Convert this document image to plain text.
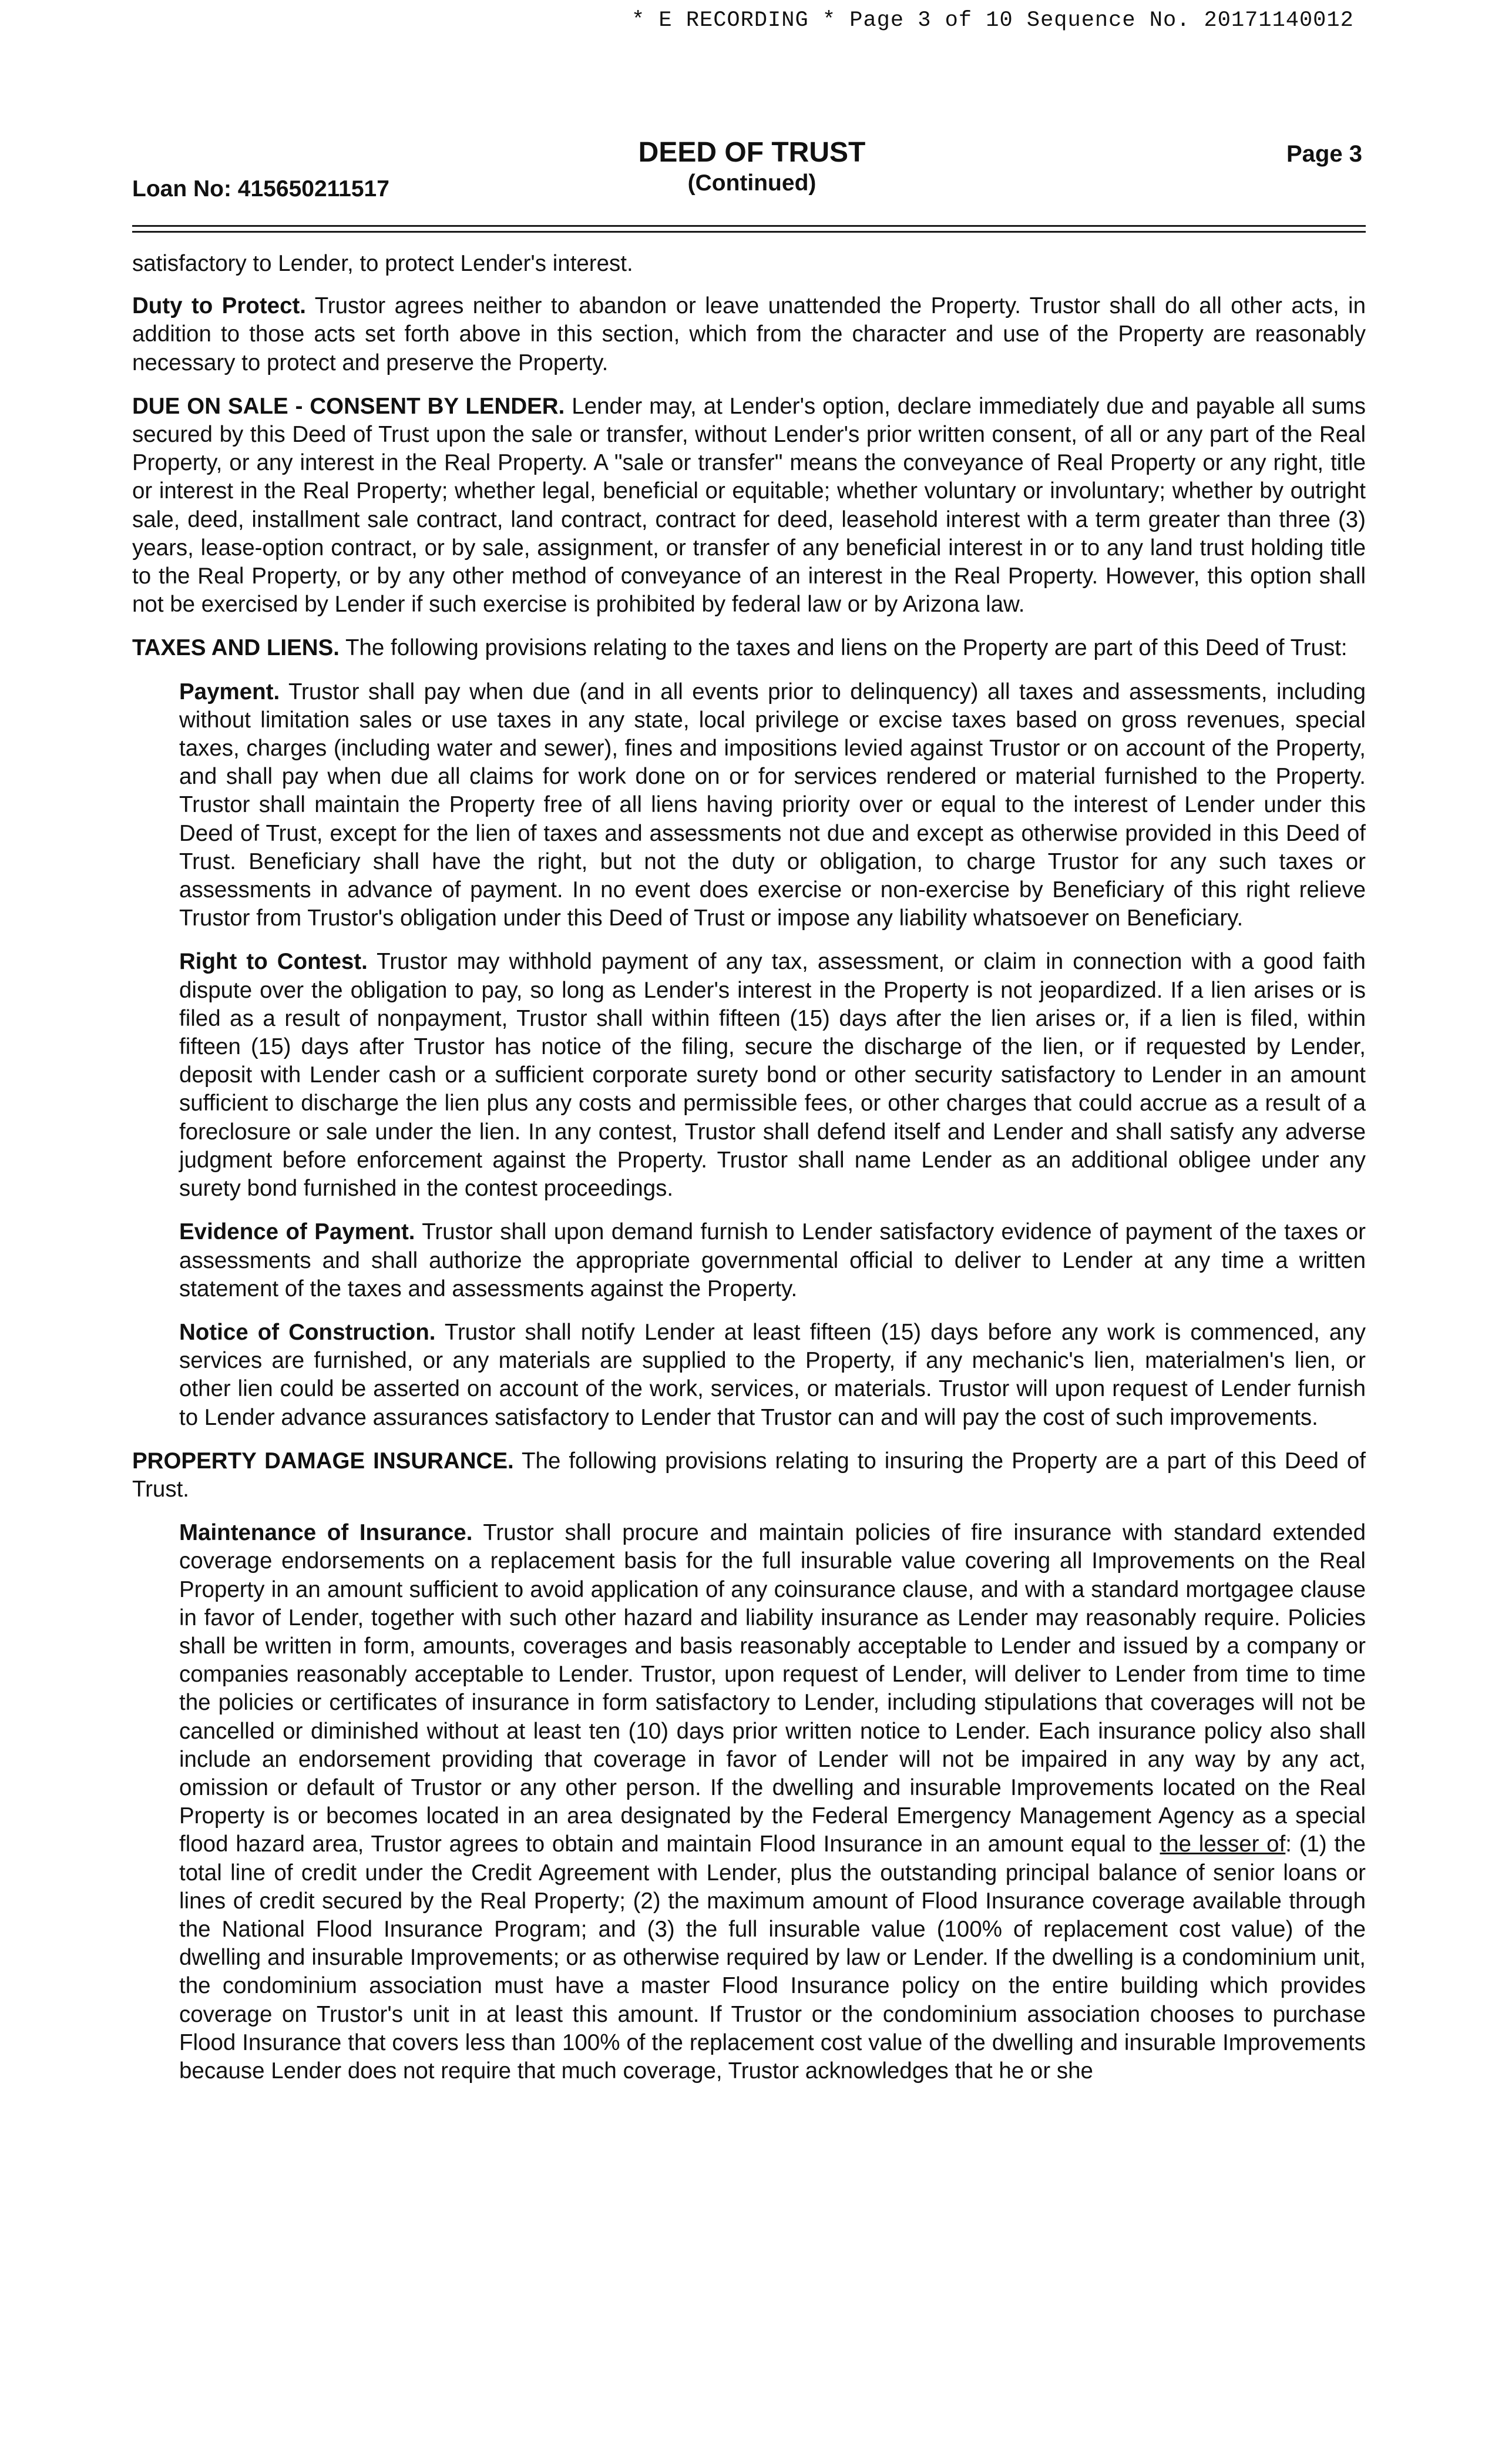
* E RECORDING * Page 3 of 10 Sequence No. 20171140012
Loan No: 415650211517
DEED OF TRUST
(Continued)
Page 3

satisfactory to Lender, to protect Lender's interest.

Duty to Protect. Trustor agrees neither to abandon or leave unattended the Property. Trustor shall do all other acts, in addition to those acts set forth above in this section, which from the character and use of the Property are reasonably necessary to protect and preserve the Property.

DUE ON SALE - CONSENT BY LENDER. Lender may, at Lender's option, declare immediately due and payable all sums secured by this Deed of Trust upon the sale or transfer, without Lender's prior written consent, of all or any part of the Real Property, or any interest in the Real Property. A "sale or transfer" means the conveyance of Real Property or any right, title or interest in the Real Property; whether legal, beneficial or equitable; whether voluntary or involuntary; whether by outright sale, deed, installment sale contract, land contract, contract for deed, leasehold interest with a term greater than three (3) years, lease-option contract, or by sale, assignment, or transfer of any beneficial interest in or to any land trust holding title to the Real Property, or by any other method of conveyance of an interest in the Real Property. However, this option shall not be exercised by Lender if such exercise is prohibited by federal law or by Arizona law.

TAXES AND LIENS. The following provisions relating to the taxes and liens on the Property are part of this Deed of Trust:

Payment. Trustor shall pay when due (and in all events prior to delinquency) all taxes and assessments, including without limitation sales or use taxes in any state, local privilege or excise taxes based on gross revenues, special taxes, charges (including water and sewer), fines and impositions levied against Trustor or on account of the Property, and shall pay when due all claims for work done on or for services rendered or material furnished to the Property. Trustor shall maintain the Property free of all liens having priority over or equal to the interest of Lender under this Deed of Trust, except for the lien of taxes and assessments not due and except as otherwise provided in this Deed of Trust. Beneficiary shall have the right, but not the duty or obligation, to charge Trustor for any such taxes or assessments in advance of payment. In no event does exercise or non-exercise by Beneficiary of this right relieve Trustor from Trustor's obligation under this Deed of Trust or impose any liability whatsoever on Beneficiary.

Right to Contest. Trustor may withhold payment of any tax, assessment, or claim in connection with a good faith dispute over the obligation to pay, so long as Lender's interest in the Property is not jeopardized. If a lien arises or is filed as a result of nonpayment, Trustor shall within fifteen (15) days after the lien arises or, if a lien is filed, within fifteen (15) days after Trustor has notice of the filing, secure the discharge of the lien, or if requested by Lender, deposit with Lender cash or a sufficient corporate surety bond or other security satisfactory to Lender in an amount sufficient to discharge the lien plus any costs and permissible fees, or other charges that could accrue as a result of a foreclosure or sale under the lien. In any contest, Trustor shall defend itself and Lender and shall satisfy any adverse judgment before enforcement against the Property. Trustor shall name Lender as an additional obligee under any surety bond furnished in the contest proceedings.

Evidence of Payment. Trustor shall upon demand furnish to Lender satisfactory evidence of payment of the taxes or assessments and shall authorize the appropriate governmental official to deliver to Lender at any time a written statement of the taxes and assessments against the Property.

Notice of Construction. Trustor shall notify Lender at least fifteen (15) days before any work is commenced, any services are furnished, or any materials are supplied to the Property, if any mechanic's lien, materialmen's lien, or other lien could be asserted on account of the work, services, or materials. Trustor will upon request of Lender furnish to Lender advance assurances satisfactory to Lender that Trustor can and will pay the cost of such improvements.

PROPERTY DAMAGE INSURANCE. The following provisions relating to insuring the Property are a part of this Deed of Trust.

Maintenance of Insurance. Trustor shall procure and maintain policies of fire insurance with standard extended coverage endorsements on a replacement basis for the full insurable value covering all Improvements on the Real Property in an amount sufficient to avoid application of any coinsurance clause, and with a standard mortgagee clause in favor of Lender, together with such other hazard and liability insurance as Lender may reasonably require. Policies shall be written in form, amounts, coverages and basis reasonably acceptable to Lender and issued by a company or companies reasonably acceptable to Lender. Trustor, upon request of Lender, will deliver to Lender from time to time the policies or certificates of insurance in form satisfactory to Lender, including stipulations that coverages will not be cancelled or diminished without at least ten (10) days prior written notice to Lender. Each insurance policy also shall include an endorsement providing that coverage in favor of Lender will not be impaired in any way by any act, omission or default of Trustor or any other person. If the dwelling and insurable Improvements located on the Real Property is or becomes located in an area designated by the Federal Emergency Management Agency as a special flood hazard area, Trustor agrees to obtain and maintain Flood Insurance in an amount equal to the lesser of: (1) the total line of credit under the Credit Agreement with Lender, plus the outstanding principal balance of senior loans or lines of credit secured by the Real Property; (2) the maximum amount of Flood Insurance coverage available through the National Flood Insurance Program; and (3) the full insurable value (100% of replacement cost value) of the dwelling and insurable Improvements; or as otherwise required by law or Lender. If the dwelling is a condominium unit, the condominium association must have a master Flood Insurance policy on the entire building which provides coverage on Trustor's unit in at least this amount. If Trustor or the condominium association chooses to purchase Flood Insurance that covers less than 100% of the replacement cost value of the dwelling and insurable Improvements because Lender does not require that much coverage, Trustor acknowledges that he or she
